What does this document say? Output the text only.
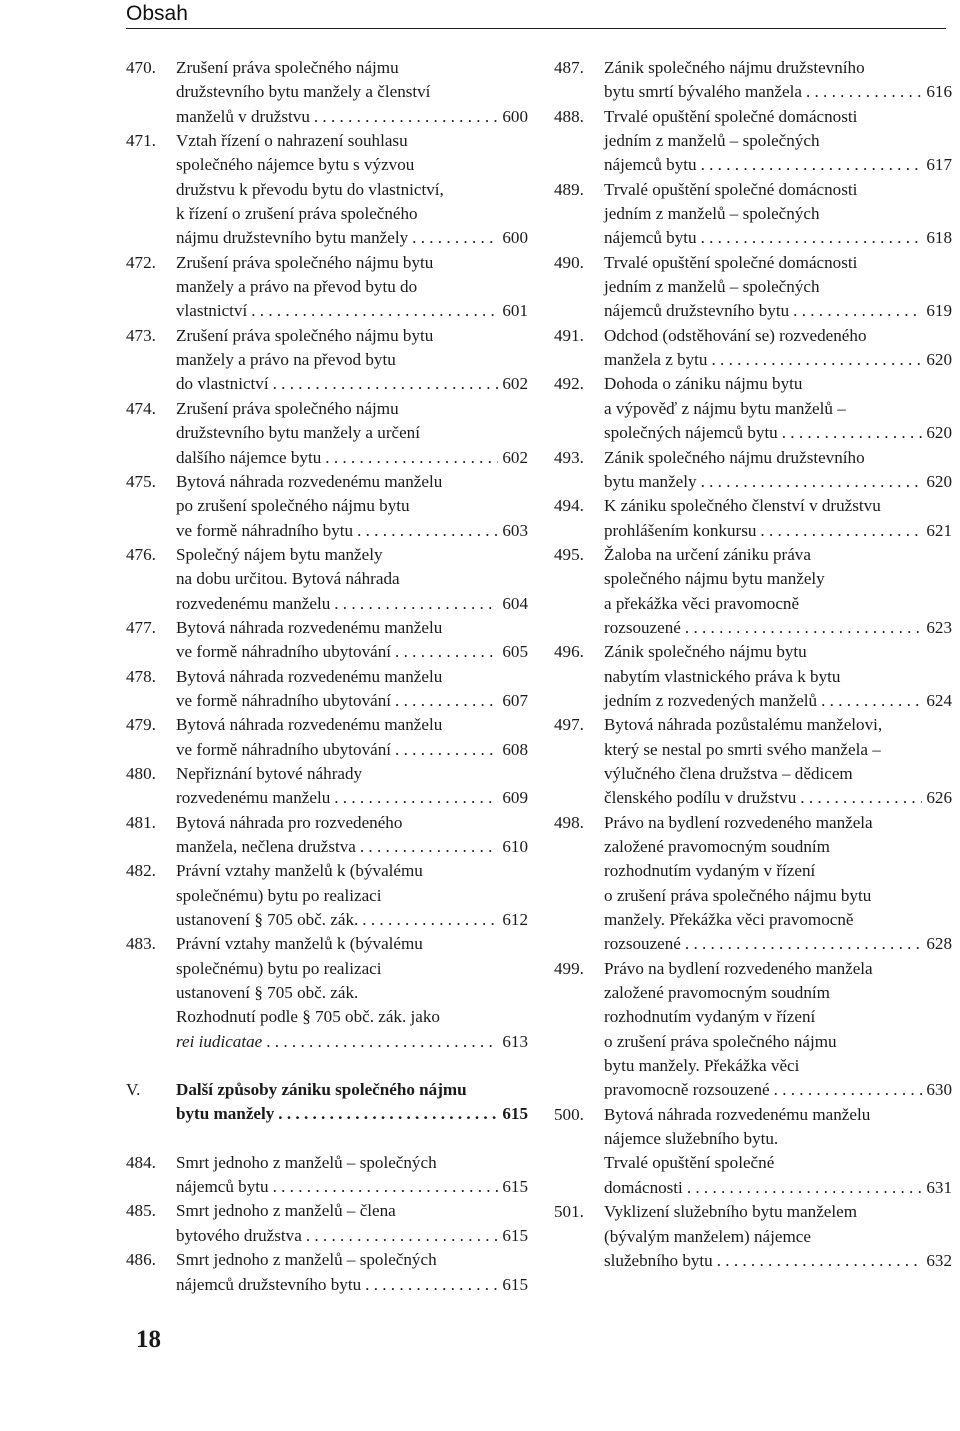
Obsah
470. Zrušení práva společného nájmu
družstevního bytu manžely a členství
manželů v družstvu . . .	600
471. Vztah řízení o nahrazení souhlasu
společného nájemce bytu s výzvou
družstvu k převodu bytu do vlastnictví,
k řízení o zrušení práva společného
nájmu družstevního bytu manžely . . .	600
472. Zrušení práva společného nájmu bytu
manžely a právo na převod bytu do
vlastnictví . . .	601
473. Zrušení práva společného nájmu bytu
manžely a právo na převod bytu
do vlastnictví . . .	602
474. Zrušení práva společného nájmu
družstevního bytu manžely a určení
dalšího nájemce bytu . . .	602
475. Bytová náhrada rozvedenému manželu
po zrušení společného nájmu bytu
ve formě náhradního bytu . . .	603
476. Společný nájem bytu manžely
na dobu určitou. Bytová náhrada
rozvedenému manželu . . .	604
477. Bytová náhrada rozvedenému manželu
ve formě náhradního ubytování . . .	605
478. Bytová náhrada rozvedenému manželu
ve formě náhradního ubytování . . .	607
479. Bytová náhrada rozvedenému manželu
ve formě náhradního ubytování . . .	608
480. Nepřiznání bytové náhrady
rozvedenému manželu . . .	609
481. Bytová náhrada pro rozvedeného
manžela, nečlena družstva . . .	610
482. Právní vztahy manželů k (bývalému
společnému) bytu po realizaci
ustanovení § 705 obč. zák. . . .	612
483. Právní vztahy manželů k (bývalému
společnému) bytu po realizaci
ustanovení § 705 obč. zák.
Rozhodnutí podle § 705 obč. zák. jako
rei iudicatae . . .	613
V. Další způsoby zániku společného nájmu
bytu manžely . . .	615
484. Smrt jednoho z manželů – společných
nájemců bytu . . .	615
485. Smrt jednoho z manželů – člena
bytového družstva . . .	615
486. Smrt jednoho z manželů – společných
nájemců družstevního bytu . . .	615
487. Zánik společného nájmu družstevního
bytu smrtí bývalého manžela . . .	616
488. Trvalé opuštění společné domácnosti
jedním z manželů – společných
nájemců bytu . . .	617
489. Trvalé opuštění společné domácnosti
jedním z manželů – společných
nájemců bytu . . .	618
490. Trvalé opuštění společné domácnosti
jedním z manželů – společných
nájemců družstevního bytu . . .	619
491. Odchod (odstěhování se) rozvedeného
manžela z bytu . . .	620
492. Dohoda o zániku nájmu bytu
a výpověď z nájmu bytu manželů –
společných nájemců bytu . . .	620
493. Zánik společného nájmu družstevního
bytu manžely . . .	620
494. K zániku společného členství v družstvu
prohlášením konkursu . . .	621
495. Žaloba na určení zániku práva
společného nájmu bytu manžely
a překážka věci pravomocně
rozsouzené . . .	623
496. Zánik společného nájmu bytu
nabytím vlastnického práva k bytu
jedním z rozvedených manželů . . .	624
497. Bytová náhrada pozůstalému manželovi,
který se nestal po smrti svého manžela –
výlučného člena družstva – dědicem
členského podílu v družstvu . . .	626
498. Právo na bydlení rozvedeného manžela
založené pravomocným soudním
rozhodnutím vydaným v řízení
o zrušení práva společného nájmu bytu
manžely. Překážka věci pravomocně
rozsouzené . . .	628
499. Právo na bydlení rozvedeného manžela
založené pravomocným soudním
rozhodnutím vydaným v řízení
o zrušení práva společného nájmu
bytu manžely. Překážka věci
pravomocně rozsouzené . . .	630
500. Bytová náhrada rozvedenému manželu
nájemce služebního bytu.
Trvalé opuštění společné
domácnosti . . .	631
501. Vyklizení služebního bytu manželem
(bývalým manželem) nájemce
služebního bytu . . .	632
18
